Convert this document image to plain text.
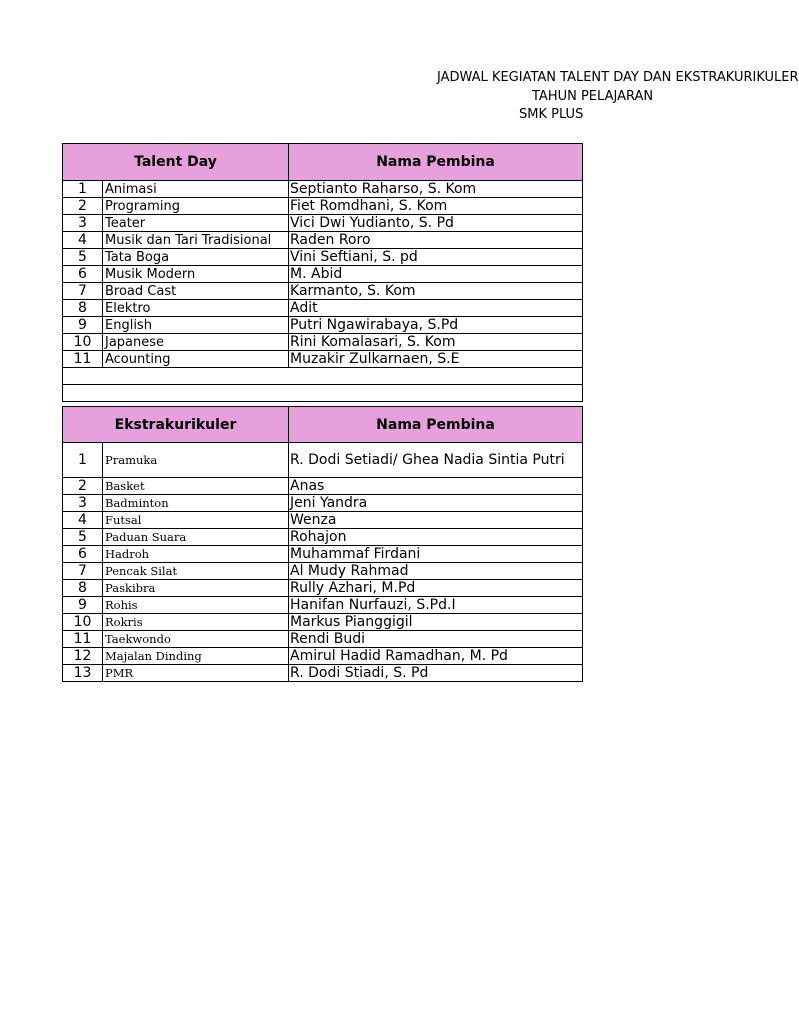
JADWAL KEGIATAN TALENT DAY DAN EKSTRAKURIKULER
TAHUN PELAJARAN
SMK PLUS
Talent Day		Nama Pembina
1	Animasi	Septianto Raharso, S. Kom
2	Programing	Fiet Romdhani, S. Kom
3	Teater	Vici Dwi Yudianto, S. Pd
4	Musik dan Tari Tradisional	Raden Roro
5	Tata Boga	Vini Seftiani, S. pd
6	Musik Modern	M. Abid
7	Broad Cast	Karmanto, S. Kom
8	Elektro	Adit
9	English	Putri Ngawirabaya, S.Pd
10	Japanese	Rini Komalasari, S. Kom
11	Acounting	Muzakir Zulkarnaen, S.E

Ekstrakurikuler		Nama Pembina
1	Pramuka	R. Dodi Setiadi/ Ghea Nadia Sintia Putri
2	Basket	Anas
3	Badminton	Jeni Yandra
4	Futsal	Wenza
5	Paduan Suara	Rohajon
6	Hadroh	Muhammaf Firdani
7	Pencak Silat	Al Mudy Rahmad
8	Paskibra	Rully Azhari, M.Pd
9	Rohis	Hanifan Nurfauzi, S.Pd.I
10	Rokris	Markus Pianggigil
11	Taekwondo	Rendi Budi
12	Majalan Dinding	Amirul Hadid Ramadhan, M. Pd
13	PMR	R. Dodi Stiadi, S. Pd
